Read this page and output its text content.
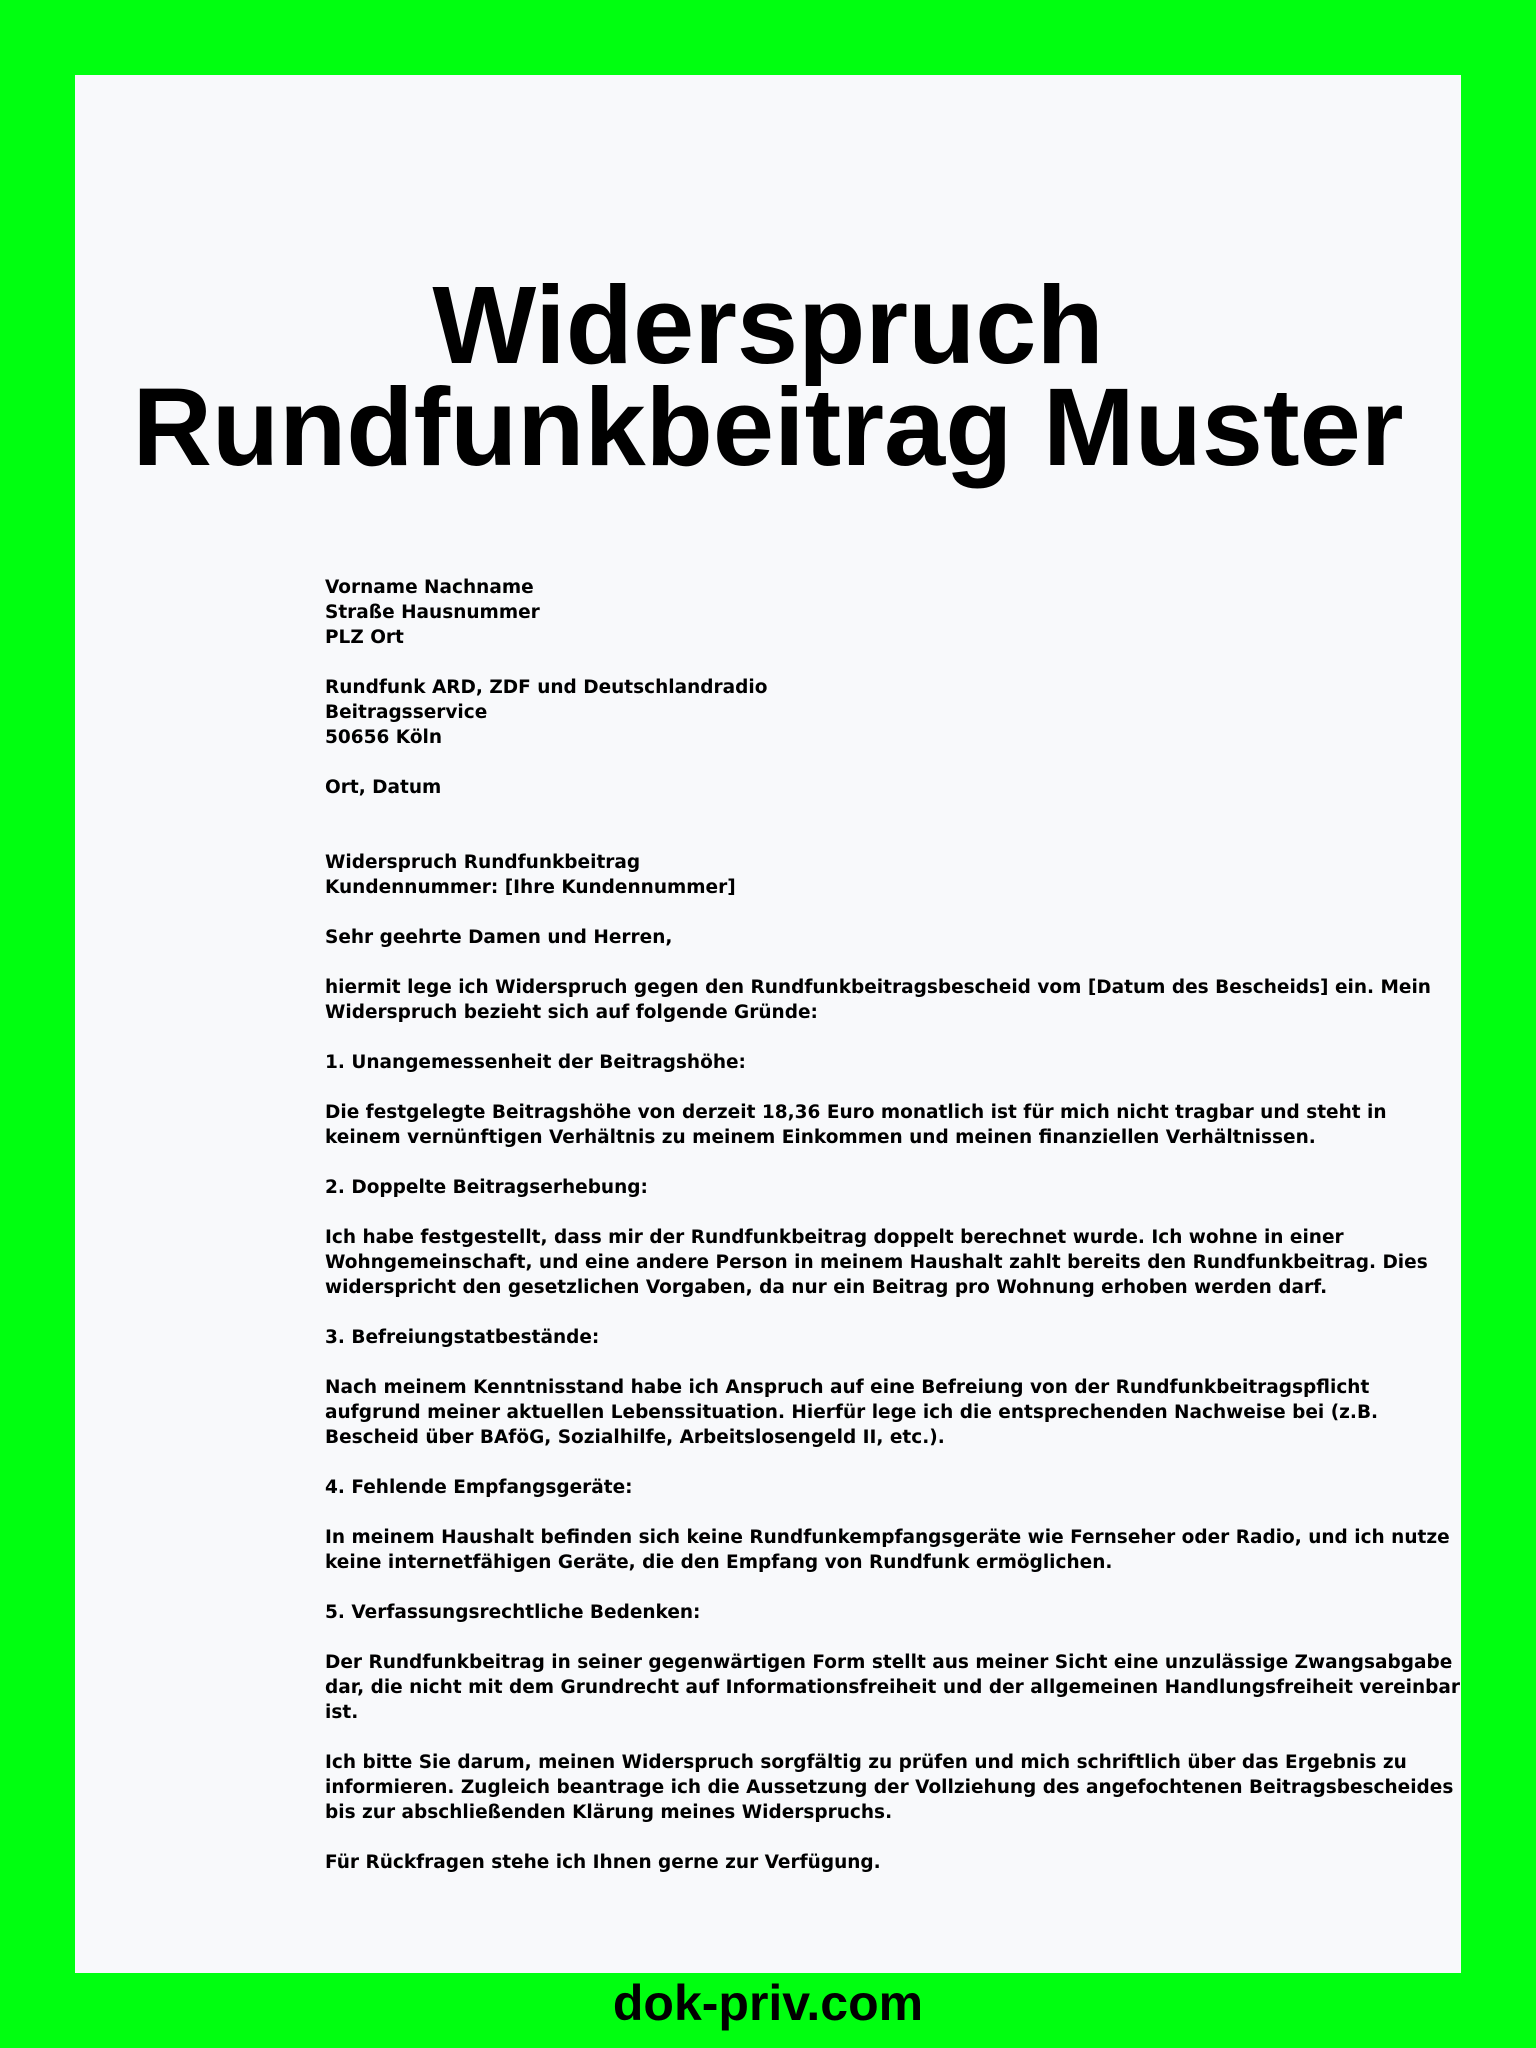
Widerspruch
Rundfunkbeitrag Muster
Vorname Nachname
Straße Hausnummer
PLZ Ort
Rundfunk ARD, ZDF und Deutschlandradio
Beitragsservice
50656 Köln
Ort, Datum
Widerspruch Rundfunkbeitrag
Kundennummer: [Ihre Kundennummer]
Sehr geehrte Damen und Herren,
hiermit lege ich Widerspruch gegen den Rundfunkbeitragsbescheid vom [Datum des Bescheids] ein. Mein
Widerspruch bezieht sich auf folgende Gründe:
1. Unangemessenheit der Beitragshöhe:
Die festgelegte Beitragshöhe von derzeit 18,36 Euro monatlich ist für mich nicht tragbar und steht in
keinem vernünftigen Verhältnis zu meinem Einkommen und meinen finanziellen Verhältnissen.
2. Doppelte Beitragserhebung:
Ich habe festgestellt, dass mir der Rundfunkbeitrag doppelt berechnet wurde. Ich wohne in einer
Wohngemeinschaft, und eine andere Person in meinem Haushalt zahlt bereits den Rundfunkbeitrag. Dies
widerspricht den gesetzlichen Vorgaben, da nur ein Beitrag pro Wohnung erhoben werden darf.
3. Befreiungstatbestände:
Nach meinem Kenntnisstand habe ich Anspruch auf eine Befreiung von der Rundfunkbeitragspflicht
aufgrund meiner aktuellen Lebenssituation. Hierfür lege ich die entsprechenden Nachweise bei (z.B.
Bescheid über BAföG, Sozialhilfe, Arbeitslosengeld II, etc.).
4. Fehlende Empfangsgeräte:
In meinem Haushalt befinden sich keine Rundfunkempfangsgeräte wie Fernseher oder Radio, und ich nutze
keine internetfähigen Geräte, die den Empfang von Rundfunk ermöglichen.
5. Verfassungsrechtliche Bedenken:
Der Rundfunkbeitrag in seiner gegenwärtigen Form stellt aus meiner Sicht eine unzulässige Zwangsabgabe
dar, die nicht mit dem Grundrecht auf Informationsfreiheit und der allgemeinen Handlungsfreiheit vereinbar
ist.
Ich bitte Sie darum, meinen Widerspruch sorgfältig zu prüfen und mich schriftlich über das Ergebnis zu
informieren. Zugleich beantrage ich die Aussetzung der Vollziehung des angefochtenen Beitragsbescheides
bis zur abschließenden Klärung meines Widerspruchs.
Für Rückfragen stehe ich Ihnen gerne zur Verfügung.
dok-priv.com
